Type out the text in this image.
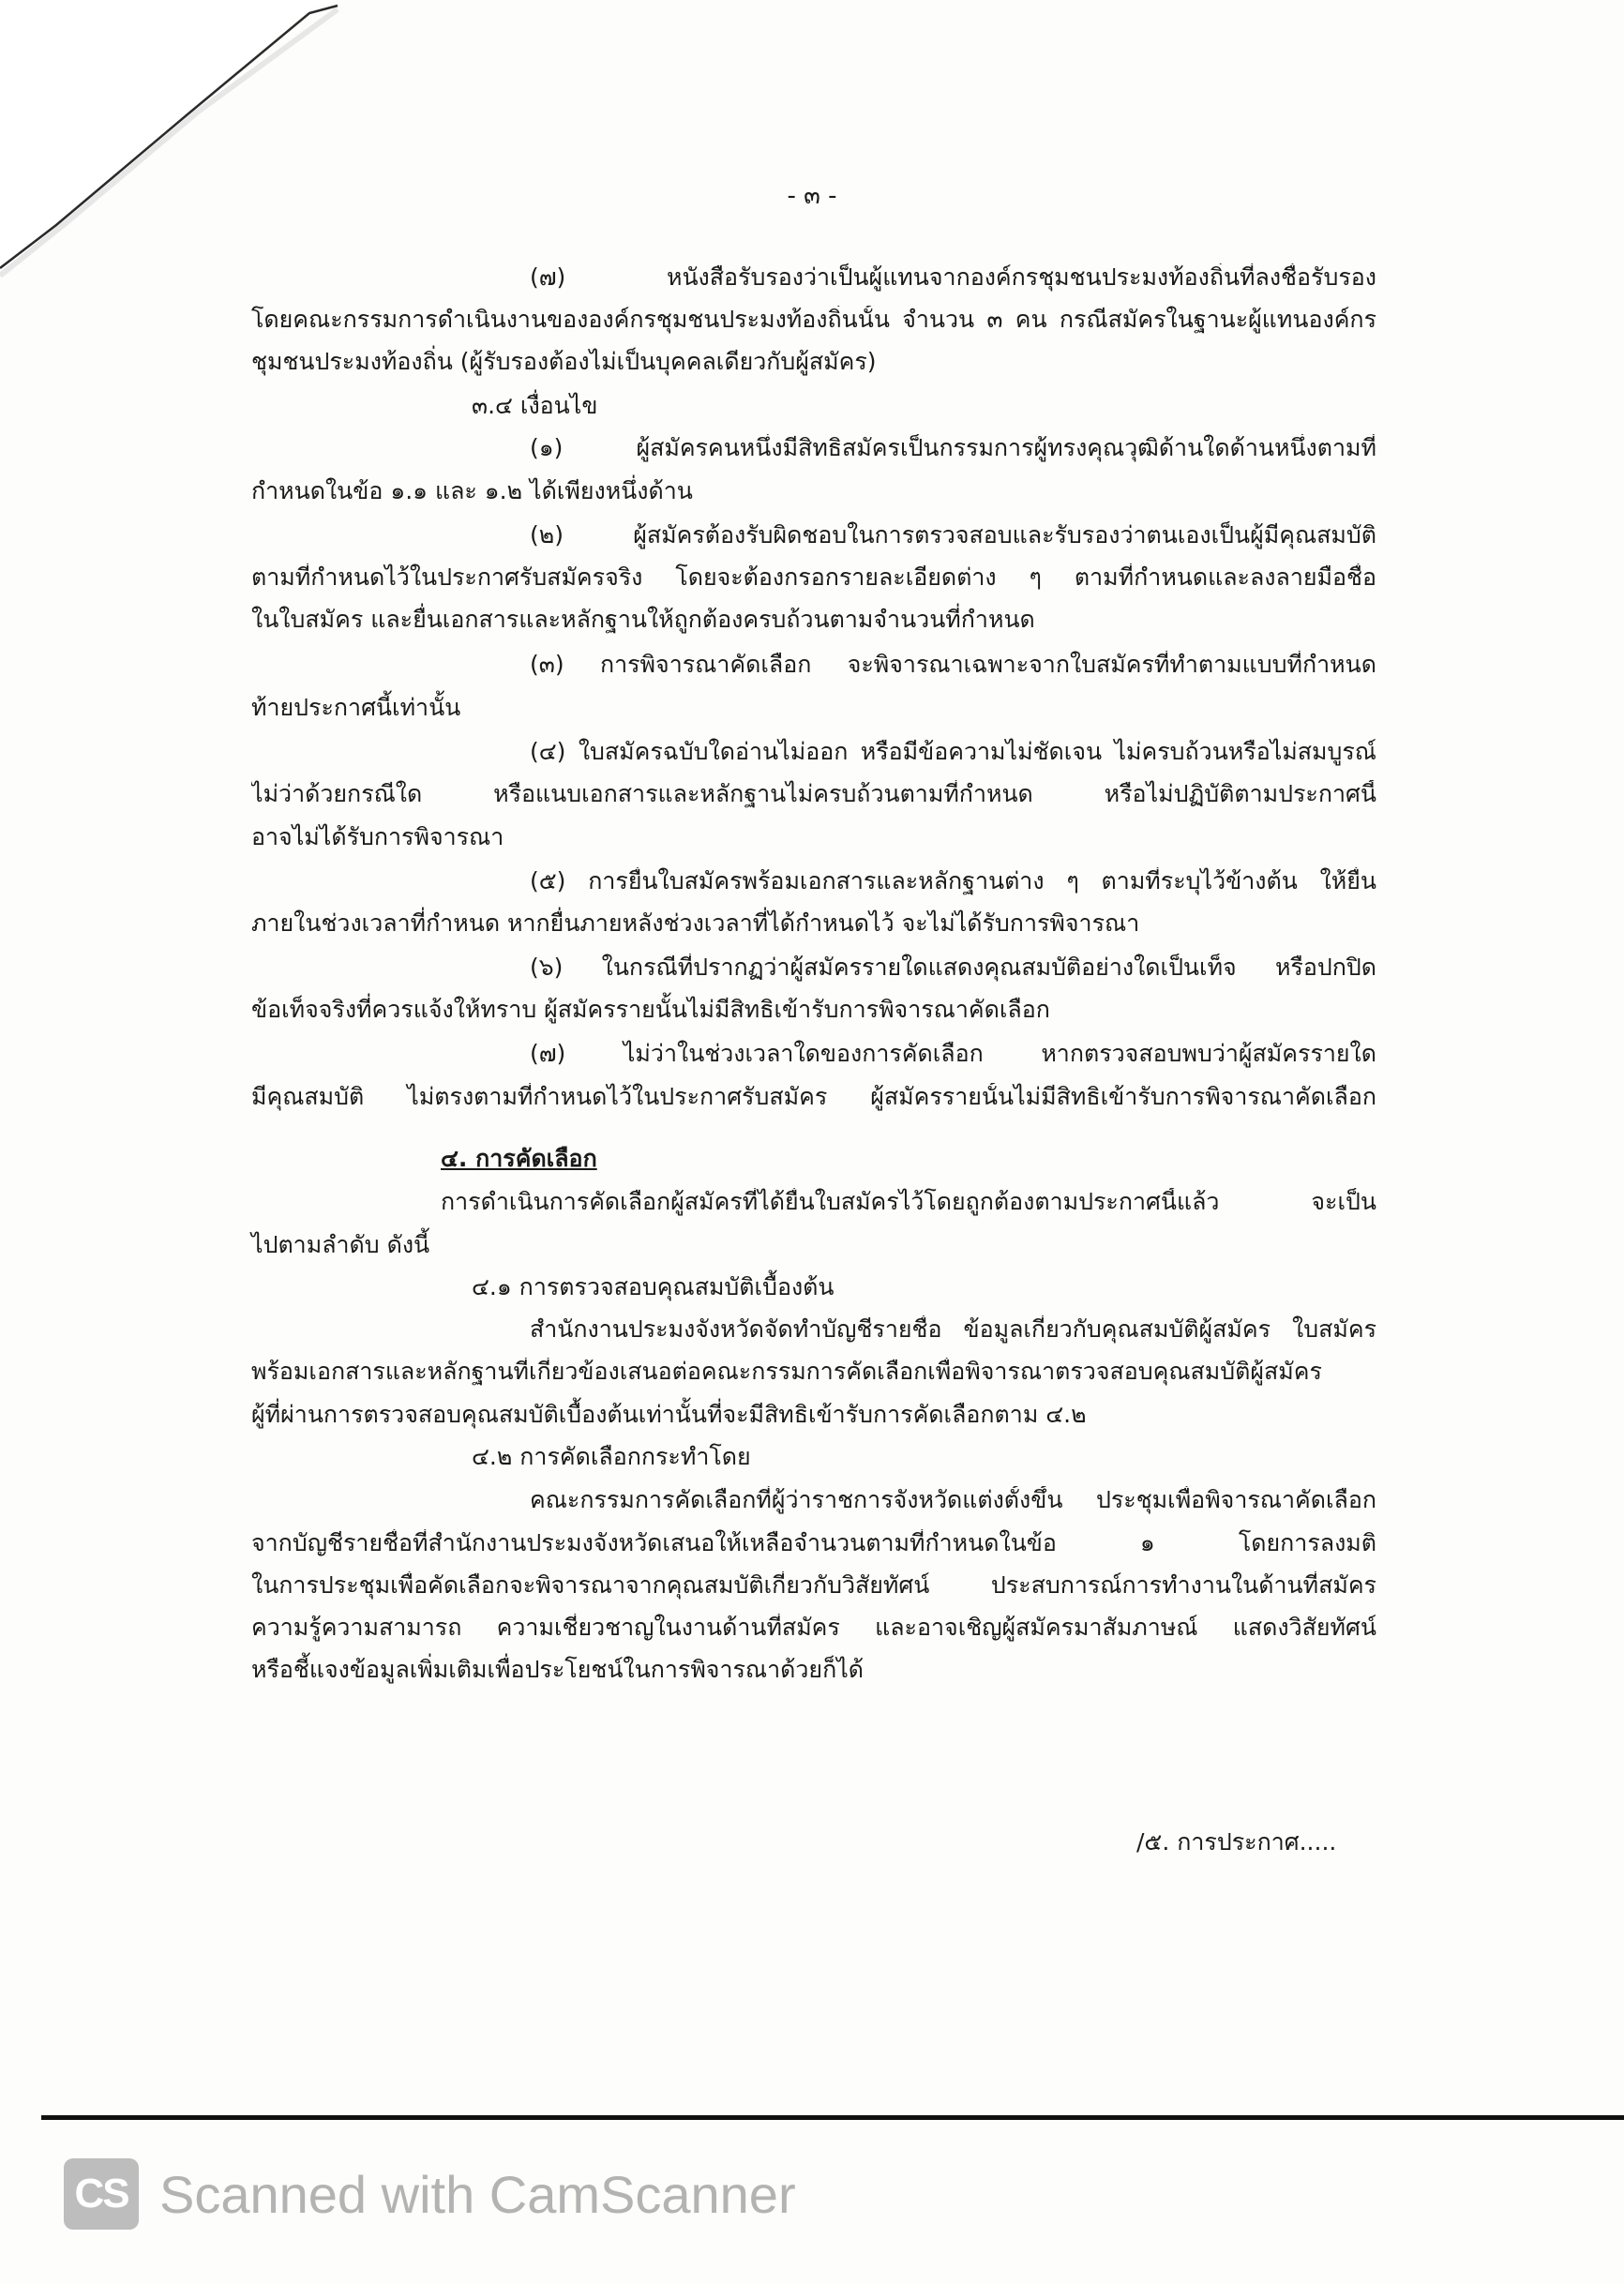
- ๓ -
(๗) หนังสือรับรองว่าเป็นผู้แทนจากองค์กรชุมชนประมงท้องถิ่นที่ลงชื่อรับรอง
โดยคณะกรรมการดำเนินงานขององค์กรชุมชนประมงท้องถิ่นนั้น จำนวน ๓ คน กรณีสมัครในฐานะผู้แทนองค์กร
ชุมชนประมงท้องถิ่น (ผู้รับรองต้องไม่เป็นบุคคลเดียวกับผู้สมัคร)
๓.๔ เงื่อนไข
(๑) ผู้สมัครคนหนึ่งมีสิทธิสมัครเป็นกรรมการผู้ทรงคุณวุฒิด้านใดด้านหนึ่งตามที่
กำหนดในข้อ ๑.๑ และ ๑.๒ ได้เพียงหนึ่งด้าน
(๒) ผู้สมัครต้องรับผิดชอบในการตรวจสอบและรับรองว่าตนเองเป็นผู้มีคุณสมบัติ
ตามที่กำหนดไว้ในประกาศรับสมัครจริง โดยจะต้องกรอกรายละเอียดต่าง ๆ ตามที่กำหนดและลงลายมือชื่อ
ในใบสมัคร และยื่นเอกสารและหลักฐานให้ถูกต้องครบถ้วนตามจำนวนที่กำหนด
(๓) การพิจารณาคัดเลือก จะพิจารณาเฉพาะจากใบสมัครที่ทำตามแบบที่กำหนด
ท้ายประกาศนี้เท่านั้น
(๔) ใบสมัครฉบับใดอ่านไม่ออก หรือมีข้อความไม่ชัดเจน ไม่ครบถ้วนหรือไม่สมบูรณ์
ไม่ว่าด้วยกรณีใด หรือแนบเอกสารและหลักฐานไม่ครบถ้วนตามที่กำหนด หรือไม่ปฏิบัติตามประกาศนี้
อาจไม่ได้รับการพิจารณา
(๕) การยื่นใบสมัครพร้อมเอกสารและหลักฐานต่าง ๆ ตามที่ระบุไว้ข้างต้น ให้ยื่น
ภายในช่วงเวลาที่กำหนด หากยื่นภายหลังช่วงเวลาที่ได้กำหนดไว้ จะไม่ได้รับการพิจารณา
(๖) ในกรณีที่ปรากฏว่าผู้สมัครรายใดแสดงคุณสมบัติอย่างใดเป็นเท็จ หรือปกปิด
ข้อเท็จจริงที่ควรแจ้งให้ทราบ ผู้สมัครรายนั้นไม่มีสิทธิเข้ารับการพิจารณาคัดเลือก
(๗) ไม่ว่าในช่วงเวลาใดของการคัดเลือก หากตรวจสอบพบว่าผู้สมัครรายใด
มีคุณสมบัติ ไม่ตรงตามที่กำหนดไว้ในประกาศรับสมัคร ผู้สมัครรายนั้นไม่มีสิทธิเข้ารับการพิจารณาคัดเลือก
๔. การคัดเลือก
การดำเนินการคัดเลือกผู้สมัครที่ได้ยื่นใบสมัครไว้โดยถูกต้องตามประกาศนี้แล้ว จะเป็น
ไปตามลำดับ ดังนี้
๔.๑ การตรวจสอบคุณสมบัติเบื้องต้น
สำนักงานประมงจังหวัดจัดทำบัญชีรายชื่อ ข้อมูลเกี่ยวกับคุณสมบัติผู้สมัคร ใบสมัคร
พร้อมเอกสารและหลักฐานที่เกี่ยวข้องเสนอต่อคณะกรรมการคัดเลือกเพื่อพิจารณาตรวจสอบคุณสมบัติผู้สมัคร
ผู้ที่ผ่านการตรวจสอบคุณสมบัติเบื้องต้นเท่านั้นที่จะมีสิทธิเข้ารับการคัดเลือกตาม ๔.๒
๔.๒ การคัดเลือกกระทำโดย
คณะกรรมการคัดเลือกที่ผู้ว่าราชการจังหวัดแต่งตั้งขึ้น ประชุมเพื่อพิจารณาคัดเลือก
จากบัญชีรายชื่อที่สำนักงานประมงจังหวัดเสนอให้เหลือจำนวนตามที่กำหนดในข้อ ๑ โดยการลงมติ
ในการประชุมเพื่อคัดเลือกจะพิจารณาจากคุณสมบัติเกี่ยวกับวิสัยทัศน์ ประสบการณ์การทำงานในด้านที่สมัคร
ความรู้ความสามารถ ความเชี่ยวชาญในงานด้านที่สมัคร และอาจเชิญผู้สมัครมาสัมภาษณ์ แสดงวิสัยทัศน์
หรือชี้แจงข้อมูลเพิ่มเติมเพื่อประโยชน์ในการพิจารณาด้วยก็ได้
/๕. การประกาศ.....
CS Scanned with CamScanner
